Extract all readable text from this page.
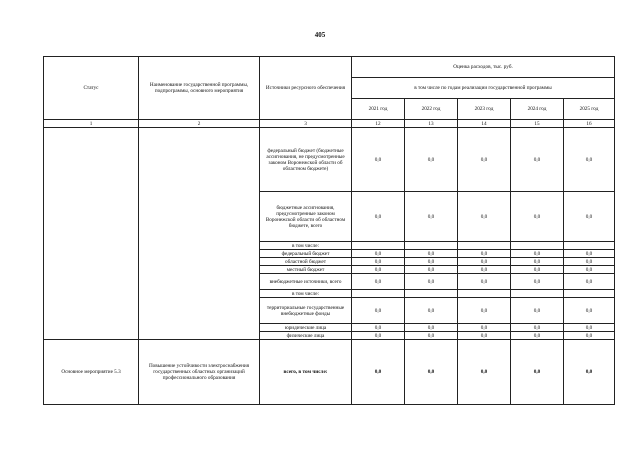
405
Статус	Наименование государственной программы, подпрограммы, основного мероприятия	Источники ресурсного обеспечения	Оценка расходов, тыс. руб.				
			в том числе по годам реализации государственной программы				
			2021 год	2022 год	2023 год	2024 год	2025 год
1	2	3	12	13	14	15	16
		федеральный бюджет (бюджетные ассигнования, не предусмотренные законом Воронежской области об областном бюджете)	0,0	0,0	0,0	0,0	0,0
		бюджетные ассигнования, предусмотренные законом Воронежской области об областном бюджете, всего	0,0	0,0	0,0	0,0	0,0
		в том числе:					
		федеральный бюджет	0,0	0,0	0,0	0,0	0,0
		областной бюджет	0,0	0,0	0,0	0,0	0,0
		местный бюджет	0,0	0,0	0,0	0,0	0,0
		внебюджетные источники, всего	0,0	0,0	0,0	0,0	0,0
		в том числе:					
		территориальные государственные внебюджетные фонды	0,0	0,0	0,0	0,0	0,0
		юридические лица	0,0	0,0	0,0	0,0	0,0
		физические лица	0,0	0,0	0,0	0,0	0,0
Основное мероприятие 5.3	Повышение устойчивости электроснабжения государственных областных организаций профессионального образования	всего, в том числе:	0,0	0,0	0,0	0,0	0,0
